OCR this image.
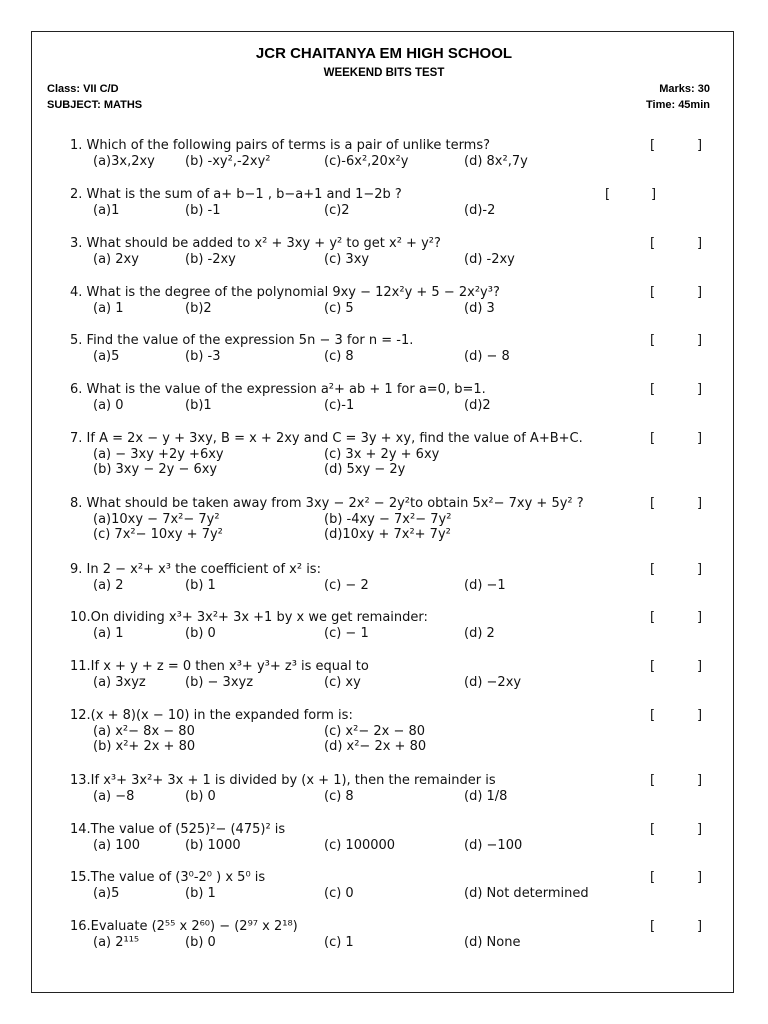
JCR CHAITANYA EM HIGH SCHOOL
WEEKEND BITS TEST
Class: VII C/D
SUBJECT: MATHS
Marks: 30
Time: 45min
1. Which of the following pairs of terms is a pair of unlike terms?	[	]
(a)3x,2xy (b) -xy²,-2xy²	(c)-6x²,20x²y	(d) 8x²,7y
2. What is the sum of a+ b−1 , b−a+1 and 1−2b ?	[	]
(a)1	(b) -1	(c)2	(d)-2
3. What should be added to x² + 3xy + y² to get x² + y²?	[	]
(a) 2xy	(b) -2xy	(c) 3xy	(d) -2xy
4. What is the degree of the polynomial 9xy − 12x²y + 5 − 2x²y³?	[	]
(a) 1	(b)2	(c) 5	(d) 3
5. Find the value of the expression 5n − 3 for n = -1.	[	]
(a)5	(b) -3	(c) 8	(d) − 8
6. What is the value of the expression a²+ ab + 1 for a=0, b=1.	[	]
(a) 0	(b)1	(c)-1	(d)2
7. If A = 2x − y + 3xy, B = x + 2xy and C = 3y + xy, find the value of A+B+C.	[	]
(a) − 3xy +2y +6xy	(c) 3x + 2y + 6xy
(b) 3xy − 2y − 6xy	(d) 5xy − 2y
8. What should be taken away from 3xy − 2x² − 2y²to obtain 5x²− 7xy + 5y² ?	[	]
(a)10xy − 7x²− 7y²	(b) -4xy − 7x²− 7y²
(c) 7x²− 10xy + 7y²	(d)10xy + 7x²+ 7y²
9. In 2 − x²+ x³ the coefficient of x² is:	[	]
(a) 2	(b) 1	(c) − 2	(d) −1
10.On dividing x³+ 3x²+ 3x +1 by x we get remainder:	[	]
(a) 1	(b) 0	(c) − 1	(d) 2
11.If x + y + z = 0 then x³+ y³+ z³ is equal to	[	]
(a) 3xyz	(b) − 3xyz	(c) xy	(d) −2xy
12.(x + 8)(x − 10) in the expanded form is:	[	]
(a) x²− 8x − 80	(c) x²− 2x − 80
(b) x²+ 2x + 80	(d) x²− 2x + 80
13.If x³+ 3x²+ 3x + 1 is divided by (x + 1), then the remainder is	[	]
(a) −8	(b) 0	(c) 8	(d) 1/8
14.The value of (525)²− (475)² is	[	]
(a) 100	(b) 1000	(c) 100000	(d) −100
15.The value of (3⁰-2⁰ ) x 5⁰ is	[	]
(a)5	(b) 1	(c) 0	(d) Not determined
16.Evaluate (2⁵⁵ x 2⁶⁰) − (2⁹⁷ x 2¹⁸)	[	]
(a) 2¹¹⁵	(b) 0	(c) 1	(d) None
